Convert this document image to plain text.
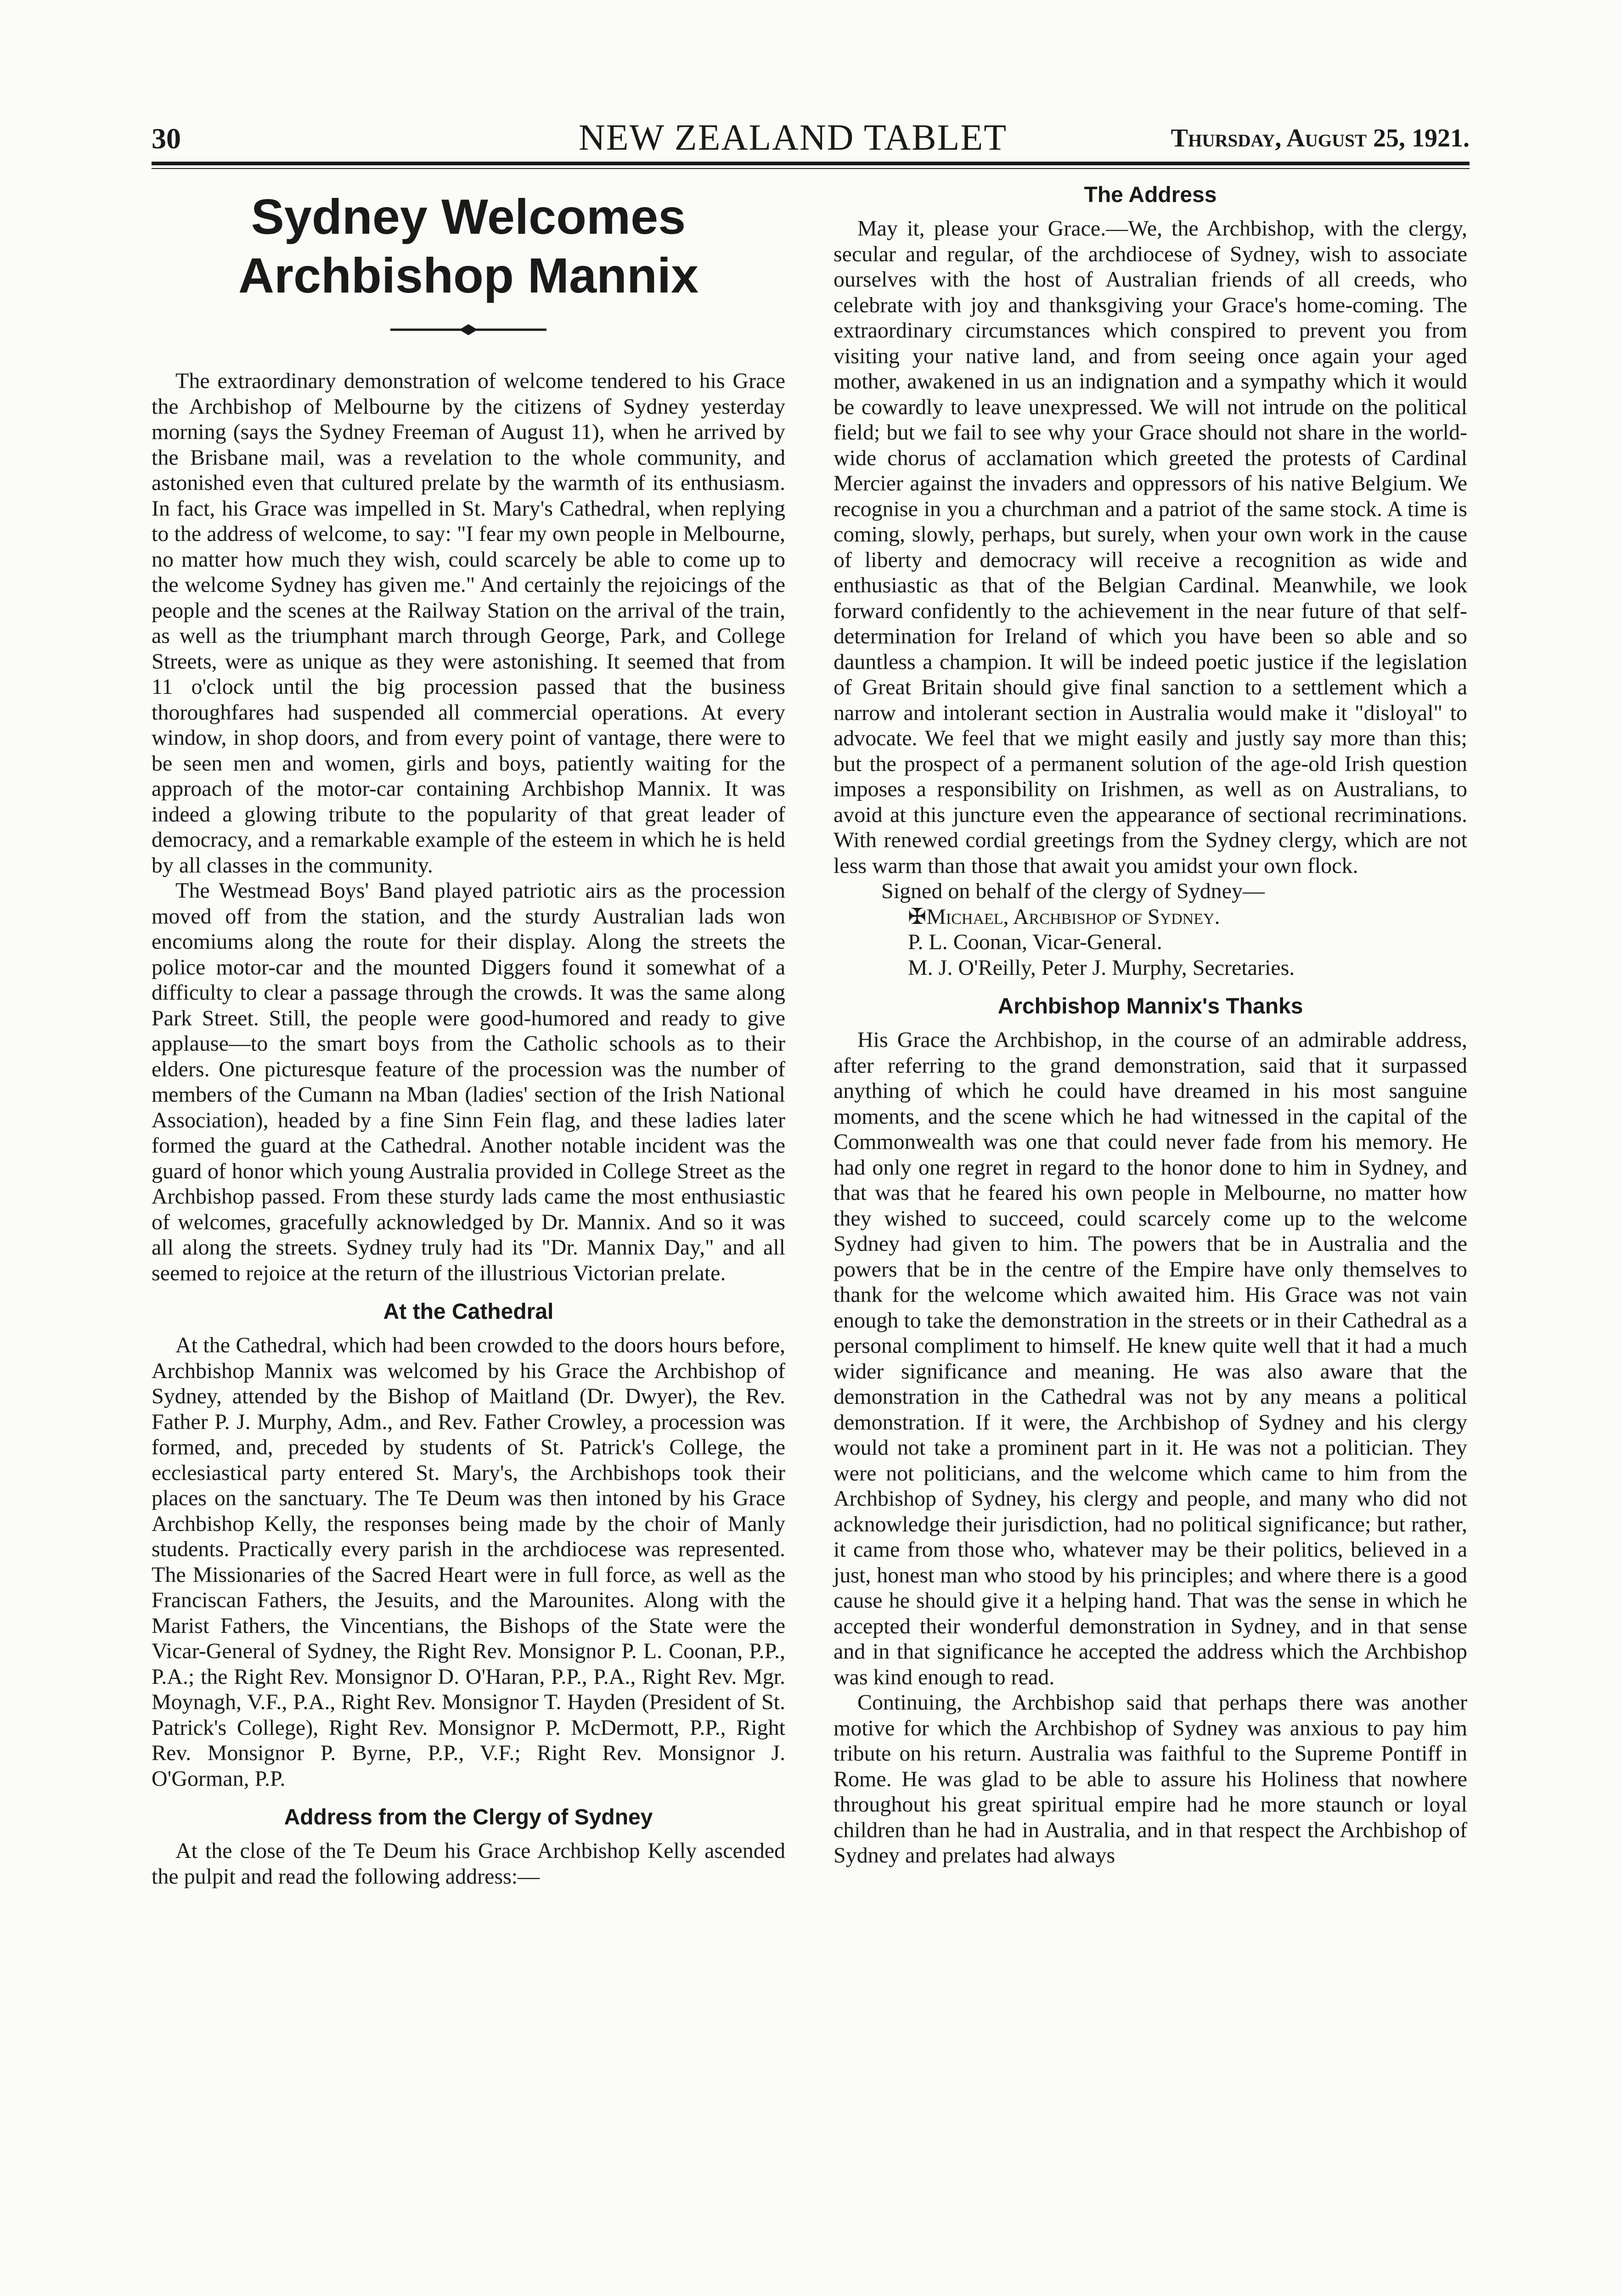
30	NEW ZEALAND TABLET	Thursday, August 25, 1921.
Sydney Welcomes Archbishop Mannix

The extraordinary demonstration of welcome tendered to his Grace the Archbishop of Melbourne by the citizens of Sydney yesterday morning (says the Sydney Freeman of August 11), when he arrived by the Brisbane mail, was a revelation to the whole community, and astonished even that cultured prelate by the warmth of its enthusiasm. In fact, his Grace was impelled in St. Mary's Cathedral, when replying to the address of welcome, to say: "I fear my own people in Melbourne, no matter how much they wish, could scarcely be able to come up to the welcome Sydney has given me." And certainly the rejoicings of the people and the scenes at the Railway Station on the arrival of the train, as well as the triumphant march through George, Park, and College Streets, were as unique as they were astonishing. It seemed that from 11 o'clock until the big procession passed that the business thoroughfares had suspended all commercial operations. At every window, in shop doors, and from every point of vantage, there were to be seen men and women, girls and boys, patiently waiting for the approach of the motor-car containing Archbishop Mannix. It was indeed a glowing tribute to the popularity of that great leader of democracy, and a remarkable example of the esteem in which he is held by all classes in the community.

The Westmead Boys' Band played patriotic airs as the procession moved off from the station, and the sturdy Australian lads won encomiums along the route for their display. Along the streets the police motor-car and the mounted Diggers found it somewhat of a difficulty to clear a passage through the crowds. It was the same along Park Street. Still, the people were good-humored and ready to give applause—to the smart boys from the Catholic schools as to their elders. One picturesque feature of the procession was the number of members of the Cumann na Mban (ladies' section of the Irish National Association), headed by a fine Sinn Fein flag, and these ladies later formed the guard at the Cathedral. Another notable incident was the guard of honor which young Australia provided in College Street as the Archbishop passed. From these sturdy lads came the most enthusiastic of welcomes, gracefully acknowledged by Dr. Mannix. And so it was all along the streets. Sydney truly had its "Dr. Mannix Day," and all seemed to rejoice at the return of the illustrious Victorian prelate.

At the Cathedral

At the Cathedral, which had been crowded to the doors hours before, Archbishop Mannix was welcomed by his Grace the Archbishop of Sydney, attended by the Bishop of Maitland (Dr. Dwyer), the Rev. Father P. J. Murphy, Adm., and Rev. Father Crowley, a procession was formed, and, preceded by students of St. Patrick's College, the ecclesiastical party entered St. Mary's, the Archbishops took their places on the sanctuary. The Te Deum was then intoned by his Grace Archbishop Kelly, the responses being made by the choir of Manly students. Practically every parish in the archdiocese was represented. The Missionaries of the Sacred Heart were in full force, as well as the Franciscan Fathers, the Jesuits, and the Marounites. Along with the Marist Fathers, the Vincentians, the Bishops of the State were the Vicar-General of Sydney, the Right Rev. Monsignor P. L. Coonan, P.P., P.A.; the Right Rev. Monsignor D. O'Haran, P.P., P.A., Right Rev. Mgr. Moynagh, V.F., P.A., Right Rev. Monsignor T. Hayden (President of St. Patrick's College), Right Rev. Monsignor P. McDermott, P.P., Right Rev. Monsignor P. Byrne, P.P., V.F.; Right Rev. Monsignor J. O'Gorman, P.P.

Address from the Clergy of Sydney

At the close of the Te Deum his Grace Archbishop Kelly ascended the pulpit and read the following address:—

The Address

May it, please your Grace.—We, the Archbishop, with the clergy, secular and regular, of the archdiocese of Sydney, wish to associate ourselves with the host of Australian friends of all creeds, who celebrate with joy and thanksgiving your Grace's home-coming. The extraordinary circumstances which conspired to prevent you from visiting your native land, and from seeing once again your aged mother, awakened in us an indignation and a sympathy which it would be cowardly to leave unexpressed. We will not intrude on the political field; but we fail to see why your Grace should not share in the world-wide chorus of acclamation which greeted the protests of Cardinal Mercier against the invaders and oppressors of his native Belgium. We recognise in you a churchman and a patriot of the same stock. A time is coming, slowly, perhaps, but surely, when your own work in the cause of liberty and democracy will receive a recognition as wide and enthusiastic as that of the Belgian Cardinal. Meanwhile, we look forward confidently to the achievement in the near future of that self-determination for Ireland of which you have been so able and so dauntless a champion. It will be indeed poetic justice if the legislation of Great Britain should give final sanction to a settlement which a narrow and intolerant section in Australia would make it "disloyal" to advocate. We feel that we might easily and justly say more than this; but the prospect of a permanent solution of the age-old Irish question imposes a responsibility on Irishmen, as well as on Australians, to avoid at this juncture even the appearance of sectional recriminations. With renewed cordial greetings from the Sydney clergy, which are not less warm than those that await you amidst your own flock.

Signed on behalf of the clergy of Sydney—

✠Michael, Archbishop of Sydney.

P. L. Coonan, Vicar-General.

M. J. O'Reilly, Peter J. Murphy, Secretaries.

Archbishop Mannix's Thanks

His Grace the Archbishop, in the course of an admirable address, after referring to the grand demonstration, said that it surpassed anything of which he could have dreamed in his most sanguine moments, and the scene which he had witnessed in the capital of the Commonwealth was one that could never fade from his memory. He had only one regret in regard to the honor done to him in Sydney, and that was that he feared his own people in Melbourne, no matter how they wished to succeed, could scarcely come up to the welcome Sydney had given to him. The powers that be in Australia and the powers that be in the centre of the Empire have only themselves to thank for the welcome which awaited him. His Grace was not vain enough to take the demonstration in the streets or in their Cathedral as a personal compliment to himself. He knew quite well that it had a much wider significance and meaning. He was also aware that the demonstration in the Cathedral was not by any means a political demonstration. If it were, the Archbishop of Sydney and his clergy would not take a prominent part in it. He was not a politician. They were not politicians, and the welcome which came to him from the Archbishop of Sydney, his clergy and people, and many who did not acknowledge their jurisdiction, had no political significance; but rather, it came from those who, whatever may be their politics, believed in a just, honest man who stood by his principles; and where there is a good cause he should give it a helping hand. That was the sense in which he accepted their wonderful demonstration in Sydney, and in that sense and in that significance he accepted the address which the Archbishop was kind enough to read.

Continuing, the Archbishop said that perhaps there was another motive for which the Archbishop of Sydney was anxious to pay him tribute on his return. Australia was faithful to the Supreme Pontiff in Rome. He was glad to be able to assure his Holiness that nowhere throughout his great spiritual empire had he more staunch or loyal children than he had in Australia, and in that respect the Archbishop of Sydney and prelates had always
